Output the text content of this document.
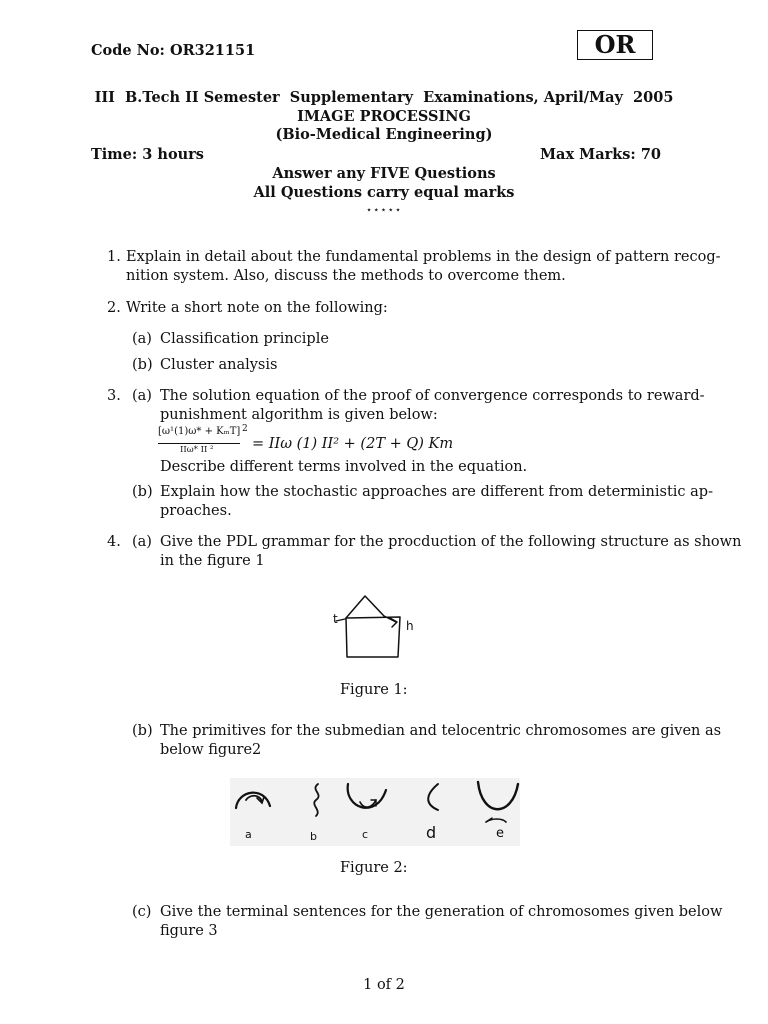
Code No: OR321151	OR
III  B.Tech II Semester  Supplementary  Examinations, April/May  2005
IMAGE PROCESSING
(Bio-Medical Engineering)
Time: 3 hours	Max Marks: 70
Answer any FIVE Questions
All Questions carry equal marks
⋆⋆⋆⋆⋆
1. Explain in detail about the fundamental problems in the design of pattern recog-
nition system. Also, discuss the methods to overcome them.
2. Write a short note on the following:
(a) Classification principle
(b) Cluster analysis
3. (a) The solution equation of the proof of convergence corresponds to reward-
punishment algorithm is given below:
[ω¹(1)ω* + KₘT] 2
IIω* II ²	= IIω (1) II² + (2T + Q) Km
Describe different terms involved in the equation.
(b) Explain how the stochastic approaches are different from deterministic ap-
proaches.
4. (a) Give the PDL grammar for the procduction of the following structure as shown
in the figure 1
t	h
Figure 1:
(b) The primitives for the submedian and telocentric chromosomes are given as
below figure2
a	b	c	d	e
Figure 2:
(c) Give the terminal sentences for the generation of chromosomes given below
figure 3
1 of 2
